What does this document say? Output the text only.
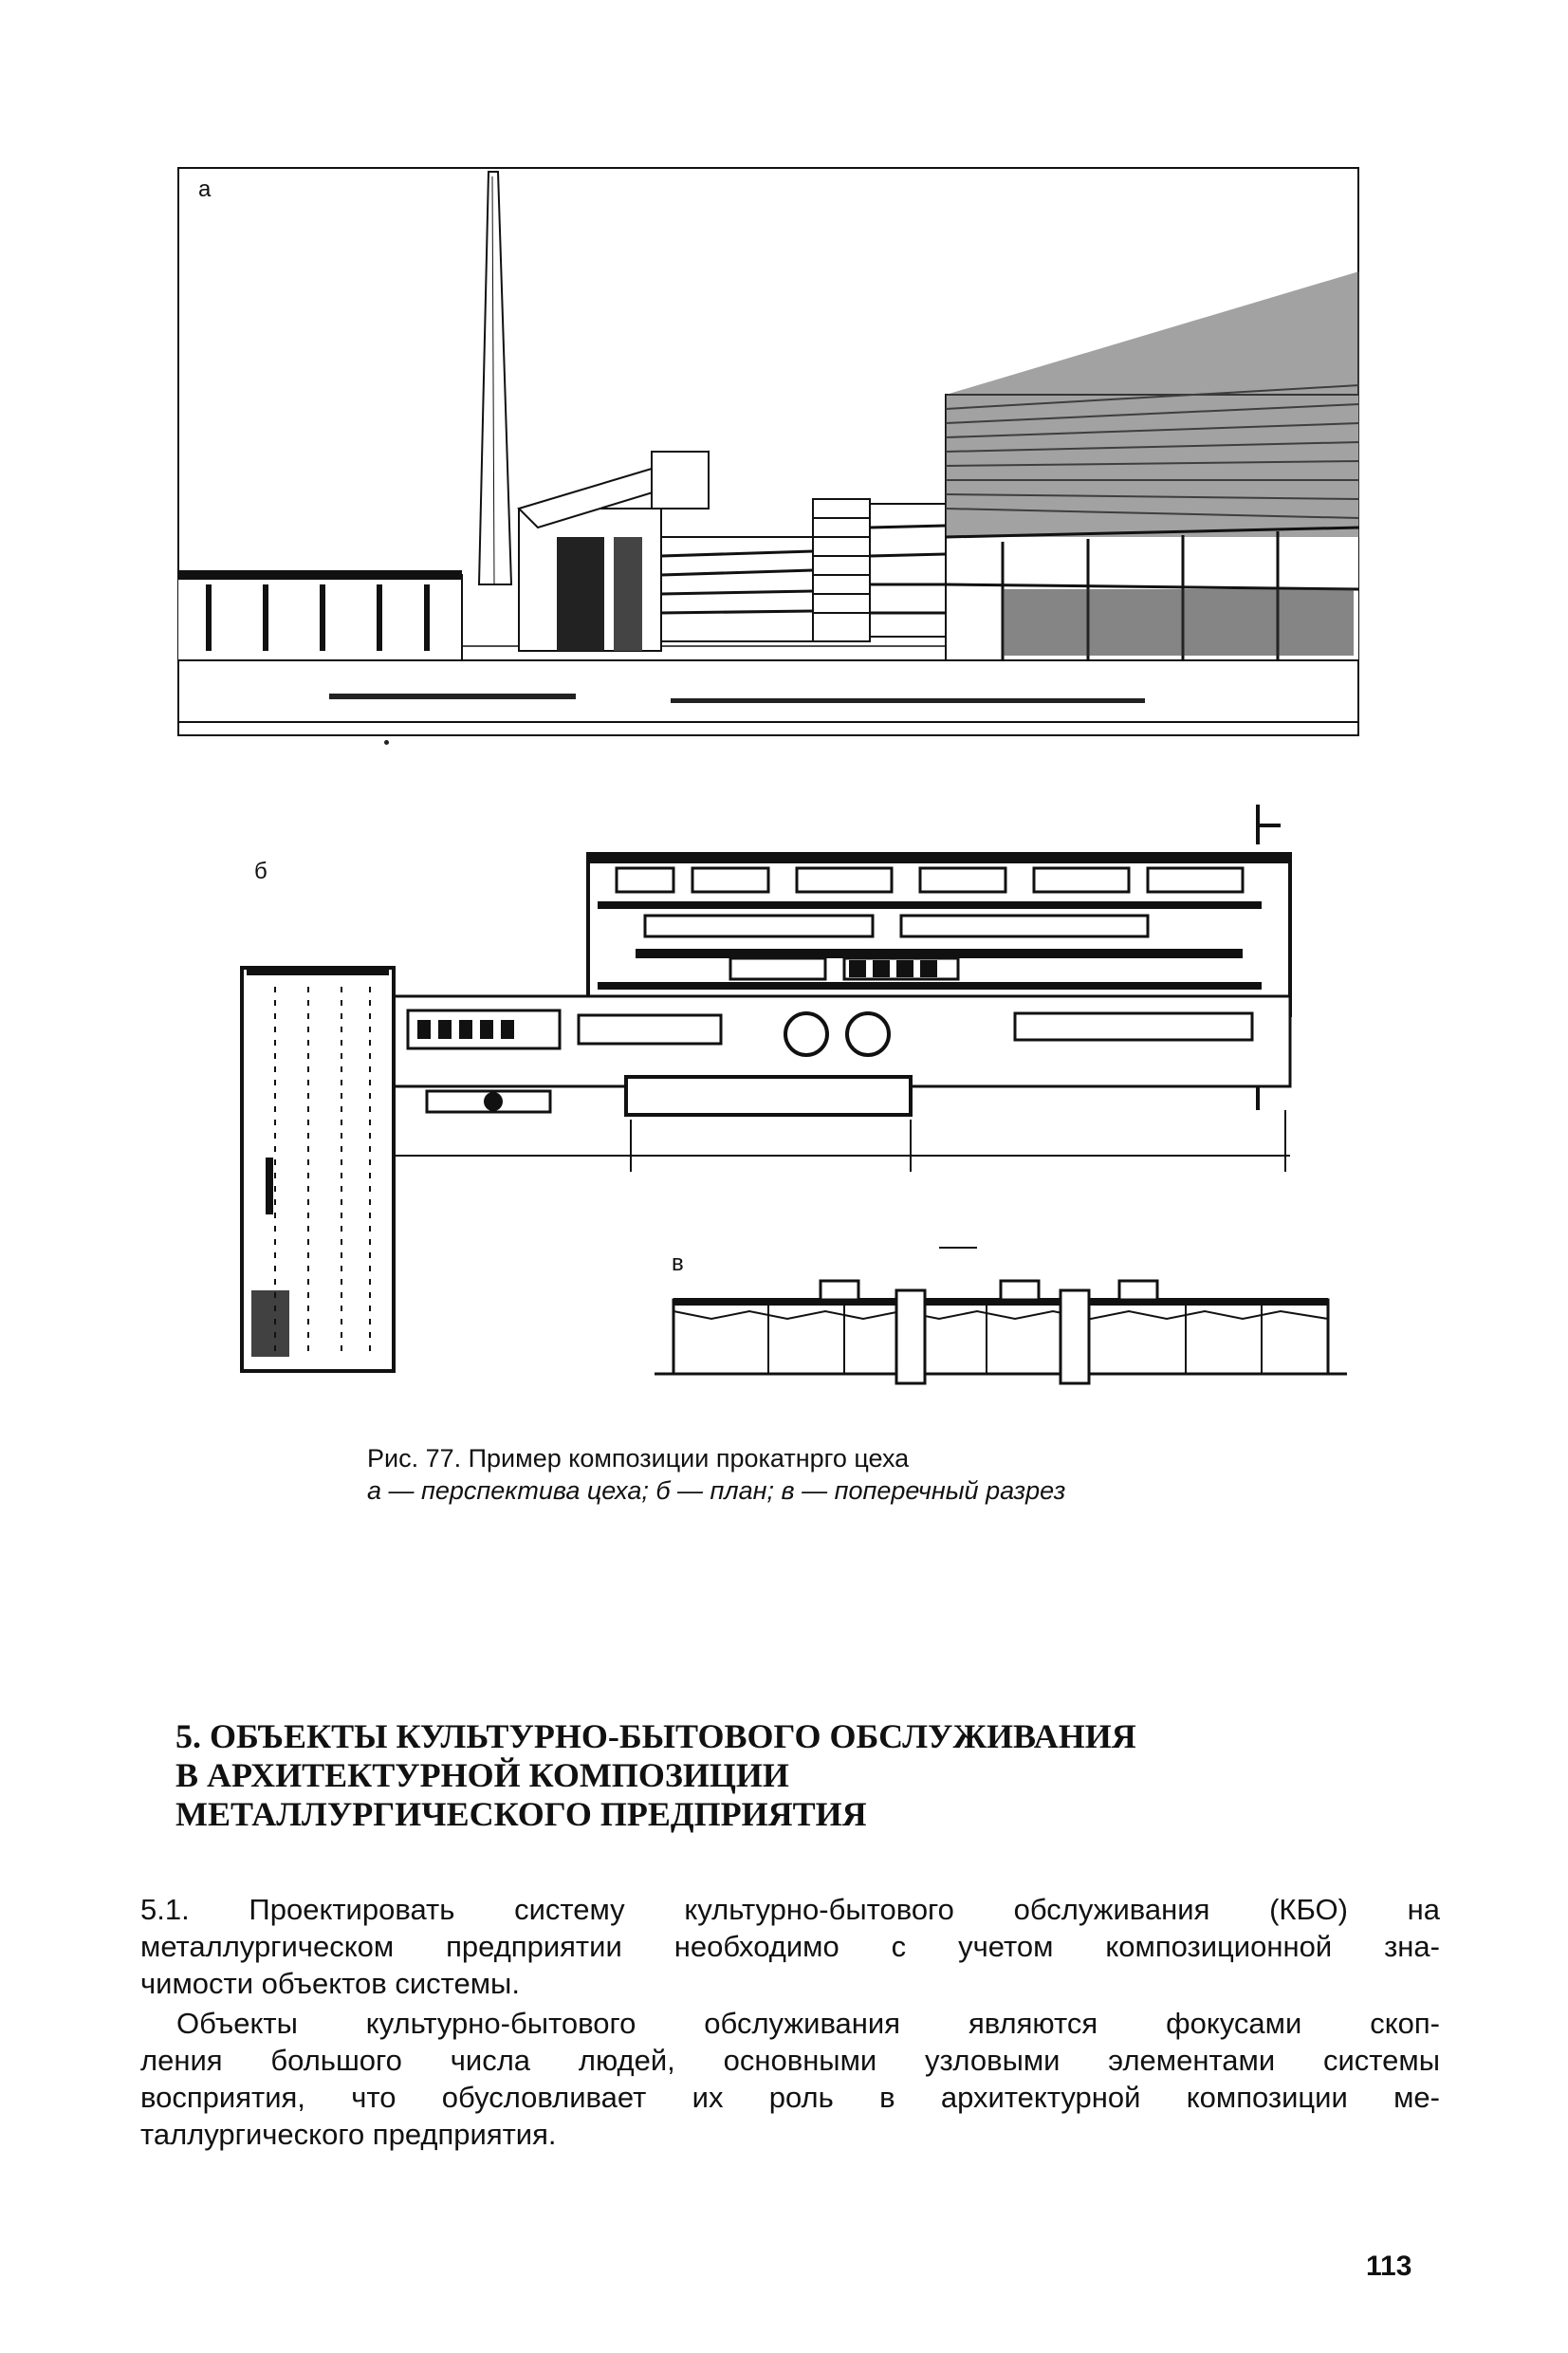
а
б
в
Рис. 77. Пример композиции прокатнрго цеха
а — перспектива цеха; б — план; в — поперечный разрез
5. ОБЪЕКТЫ КУЛЬТУРНО-БЫТОВОГО ОБСЛУЖИВАНИЯ
В АРХИТЕКТУРНОЙ КОМПОЗИЦИИ
МЕТАЛЛУРГИЧЕСКОГО ПРЕДПРИЯТИЯ
5.1. Проектировать систему культурно-бытового обслуживания (КБО) на
металлургическом предприятии необходимо с учетом композиционной зна-
чимости объектов системы.
Объекты культурно-бытового обслуживания являются фокусами скоп-
ления большого числа людей, основными узловыми элементами системы
восприятия, что обусловливает их роль в архитектурной композиции ме-
таллургического предприятия.
113
